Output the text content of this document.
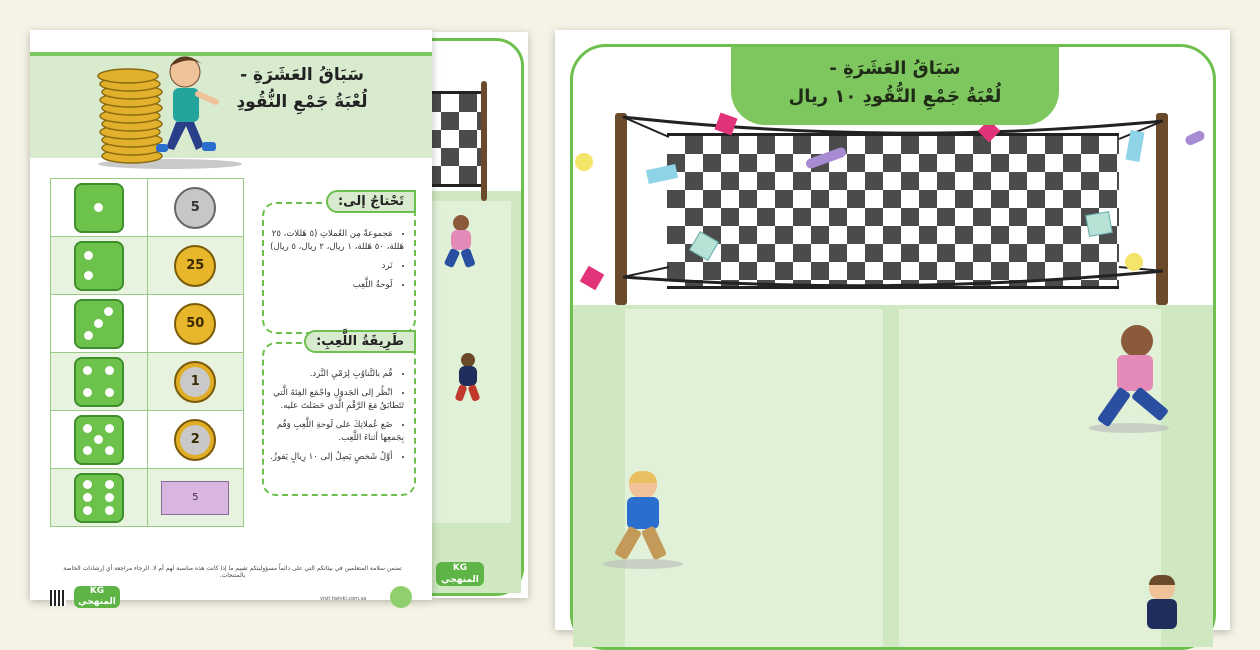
سَبَاقُ العَشَرَةِ -
لُعْبَةُ جَمْعِ النُّقُودِ
5
25
50
1
2
5
تَحْتاجُ إلى:
• مَجموعةٌ مِن العُملاتِ (٥ هَللات، ٢٥ هَللة، ٥٠ هَللة، ١ ريال، ٢ ريال، ٥ ريال)
• نَرد
• لَوحةُ اللَّعِب
طَرِيقَةُ اللَّعِبِ:
• قُم بالتَّناوُبِ لِرَمْيِ النَّرد.
• انْظُر إلى الجَدوَلِ واجْمَع الفِئةَ الَّتي تَتَطابَقُ مَعَ الرَّقْمِ الَّذي حَصَلتَ عليه.
• ضَع عُملاتِكَ على لَوحةِ اللَّعِبِ وَقُم بِجَمعِها أثناءَ اللَّعِب.
• أوَّلُ شَخصٍ يَصِلُ إلى ١٠ رِيالٍ يَفوزُ.
تضمن سلامة المتعلمين في بيئاتكم التي على دائماً مسؤوليتكم تقييم ما إذا كانت هذه مناسبة لهم أم لا. الرجاء مراجعة أي إرشادات الخاصة بالمنتجات.
KG المنهجي	visit twinkl.com.sa
KG المنهجي
سَبَاقُ العَشَرَةِ -
لُعْبَةُ جَمْعِ النُّقُودِ ١٠ ريال
